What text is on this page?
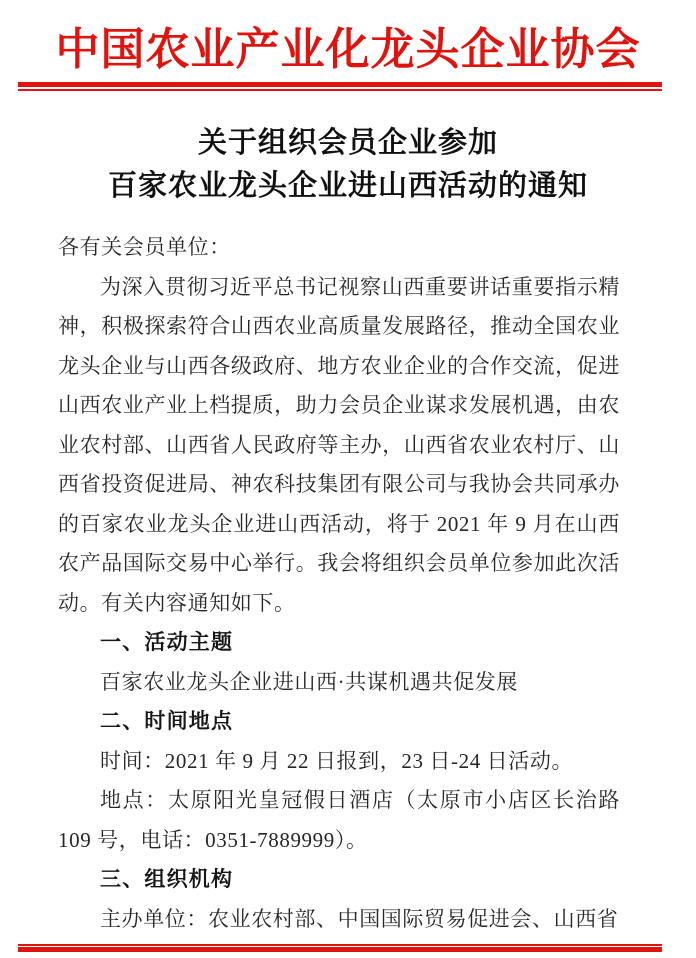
中国农业产业化龙头企业协会
关于组织会员企业参加
百家农业龙头企业进山西活动的通知

各有关会员单位：

为深入贯彻习近平总书记视察山西重要讲话重要指示精神，积极探索符合山西农业高质量发展路径，推动全国农业龙头企业与山西各级政府、地方农业企业的合作交流，促进山西农业产业上档提质，助力会员企业谋求发展机遇，由农业农村部、山西省人民政府等主办，山西省农业农村厅、山西省投资促进局、神农科技集团有限公司与我协会共同承办的百家农业龙头企业进山西活动，将于 2021 年 9 月在山西农产品国际交易中心举行。我会将组织会员单位参加此次活动。有关内容通知如下。

一、活动主题

百家农业龙头企业进山西·共谋机遇共促发展

二、时间地点

时间：2021 年 9 月 22 日报到，23 日-24 日活动。

地点：太原阳光皇冠假日酒店（太原市小店区长治路 109 号，电话：0351-7889999）。

三、组织机构

主办单位：农业农村部、中国国际贸易促进会、山西省
